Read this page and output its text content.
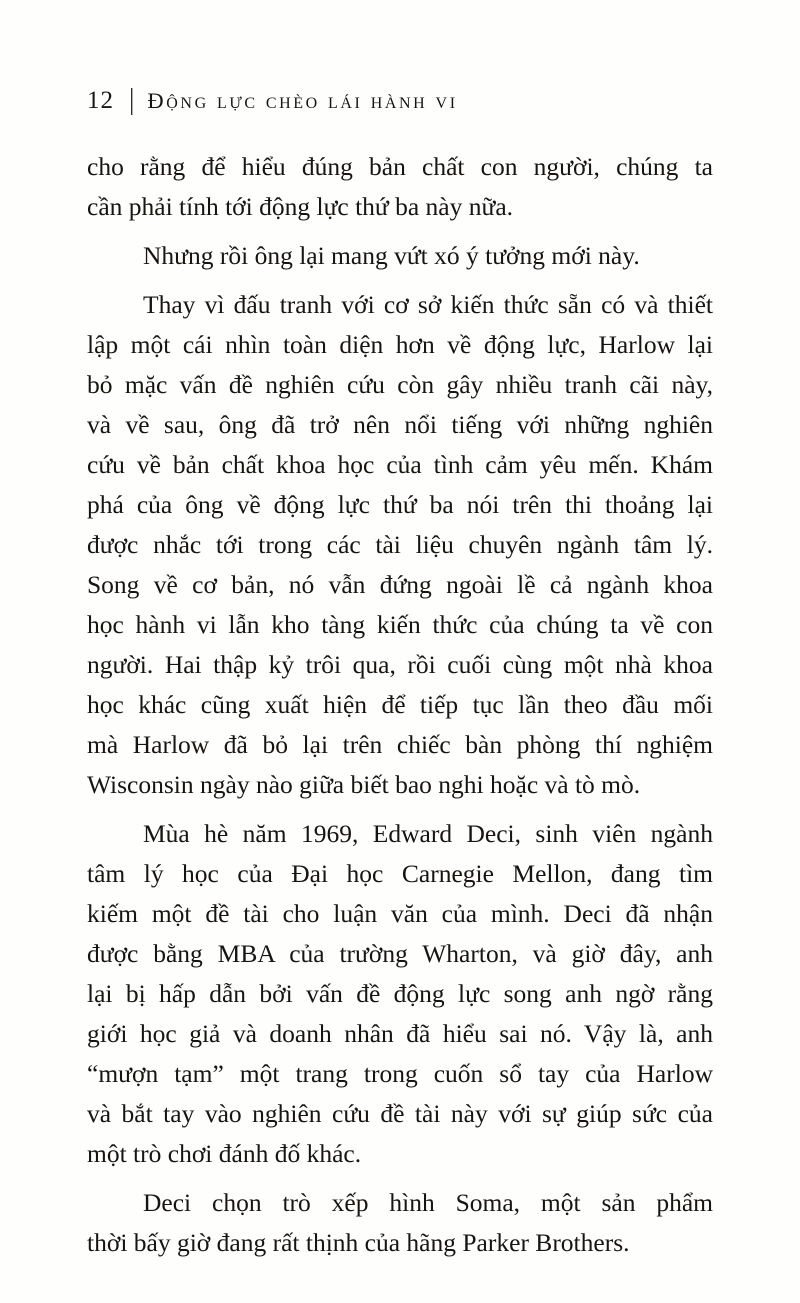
12 | Động lực chèo lái hành vi
cho rằng để hiểu đúng bản chất con người, chúng ta
cần phải tính tới động lực thứ ba này nữa.
Nhưng rồi ông lại mang vứt xó ý tưởng mới này.
Thay vì đấu tranh với cơ sở kiến thức sẵn có và thiết
lập một cái nhìn toàn diện hơn về động lực, Harlow lại
bỏ mặc vấn đề nghiên cứu còn gây nhiều tranh cãi này,
và về sau, ông đã trở nên nổi tiếng với những nghiên
cứu về bản chất khoa học của tình cảm yêu mến. Khám
phá của ông về động lực thứ ba nói trên thi thoảng lại
được nhắc tới trong các tài liệu chuyên ngành tâm lý.
Song về cơ bản, nó vẫn đứng ngoài lề cả ngành khoa
học hành vi lẫn kho tàng kiến thức của chúng ta về con
người. Hai thập kỷ trôi qua, rồi cuối cùng một nhà khoa
học khác cũng xuất hiện để tiếp tục lần theo đầu mối
mà Harlow đã bỏ lại trên chiếc bàn phòng thí nghiệm
Wisconsin ngày nào giữa biết bao nghi hoặc và tò mò.
Mùa hè năm 1969, Edward Deci, sinh viên ngành
tâm lý học của Đại học Carnegie Mellon, đang tìm
kiếm một đề tài cho luận văn của mình. Deci đã nhận
được bằng MBA của trường Wharton, và giờ đây, anh
lại bị hấp dẫn bởi vấn đề động lực song anh ngờ rằng
giới học giả và doanh nhân đã hiểu sai nó. Vậy là, anh
“mượn tạm” một trang trong cuốn sổ tay của Harlow
và bắt tay vào nghiên cứu đề tài này với sự giúp sức của
một trò chơi đánh đố khác.
Deci chọn trò xếp hình Soma, một sản phẩm
thời bấy giờ đang rất thịnh của hãng Parker Brothers.
